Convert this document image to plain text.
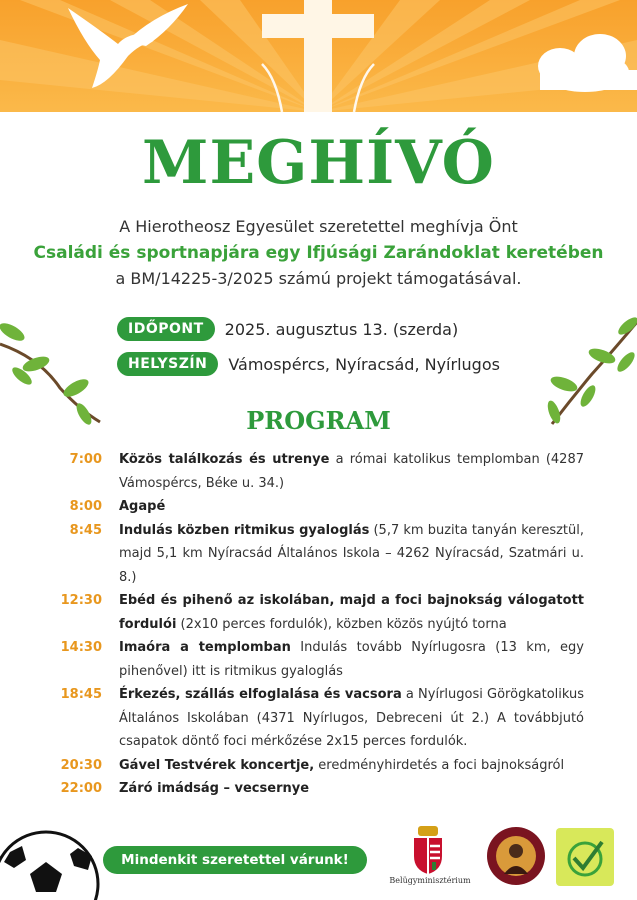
MEGHÍVÓ
A Hierotheosz Egyesület szeretettel meghívja Önt
Családi és sportnapjára egy Ifjúsági Zarándoklat keretében
a BM/14225-3/2025 számú projekt támogatásával.
IDŐPONT 2025. augusztus 13. (szerda)
HELYSZÍN Vámospércs, Nyíracsád, Nyírlugos
PROGRAM
7:00 Közös találkozás és utrenye a római katolikus templomban (4287 Vámospércs, Béke u. 34.)
8:00 Agapé
8:45 Indulás közben ritmikus gyaloglás (5,7 km buzita tanyán keresztül, majd 5,1 km Nyíracsád Általános Iskola – 4262 Nyíracsád, Szatmári u. 8.)
12:30 Ebéd és pihenő az iskolában, majd a foci bajnokság válogatott fordulói (2x10 perces fordulók), közben közös nyújtó torna
14:30 Imaóra a templomban Indulás tovább Nyírlugosra (13 km, egy pihenővel) itt is ritmikus gyaloglás
18:45 Érkezés, szállás elfoglalása és vacsora a Nyírlugosi Görögkatolikus Általános Iskolában (4371 Nyírlugos, Debreceni út 2.) A továbbjutó csapatok döntő foci mérkőzése 2x15 perces fordulók.
20:30 Gável Testvérek koncertje, eredményhirdetés a foci bajnokságról
22:00 Záró imádság – vecsernye
Mindenkit szeretettel várunk!
Belügyminisztérium
